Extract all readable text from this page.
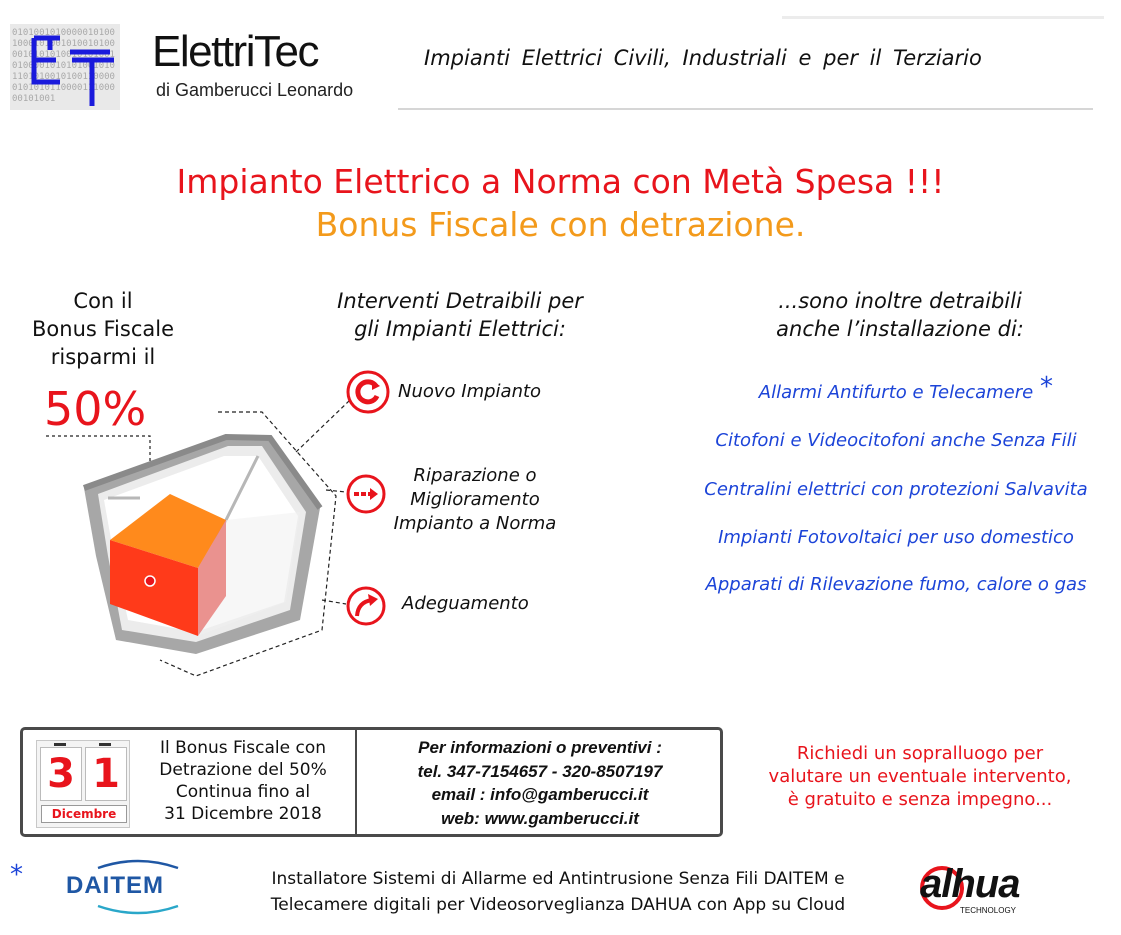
01010010100000101001000101001010010100001010101001010100101000010101010010101101010010100110000010101011000011100000101001
ElettriTec
di Gamberucci Leonardo
Impianti Elettrici Civili, Industriali e per il Terziario
Impianto Elettrico a Norma con Metà Spesa !!!
Bonus Fiscale con detrazione.
Con il
Bonus Fiscale
risparmi il
50%
Interventi Detraibili per
gli Impianti Elettrici:
Nuovo Impianto
Riparazione o
Miglioramento
Impianto a Norma
Adeguamento
...sono inoltre detraibili
anche l’installazione di:
Allarmi Antifurto e Telecamere *
Citofoni e Videocitofoni anche Senza Fili
Centralini elettrici con protezioni Salvavita
Impianti Fotovoltaici per uso domestico
Apparati di Rilevazione fumo, calore o gas
3 1
Dicembre
Il Bonus Fiscale con
Detrazione del 50%
Continua fino al
31 Dicembre 2018
Per informazioni o preventivi :
tel. 347-7154657 - 320-8507197
email : info@gamberucci.it
web: www.gamberucci.it
Richiedi un sopralluogo per
valutare un eventuale intervento,
è gratuito e senza impegno...
* DAITEM	Installatore Sistemi di Allarme ed Antintrusione Senza Fili DAITEM e
Telecamere digitali per Videosorveglianza DAHUA con App su Cloud	alhua
TECHNOLOGY
